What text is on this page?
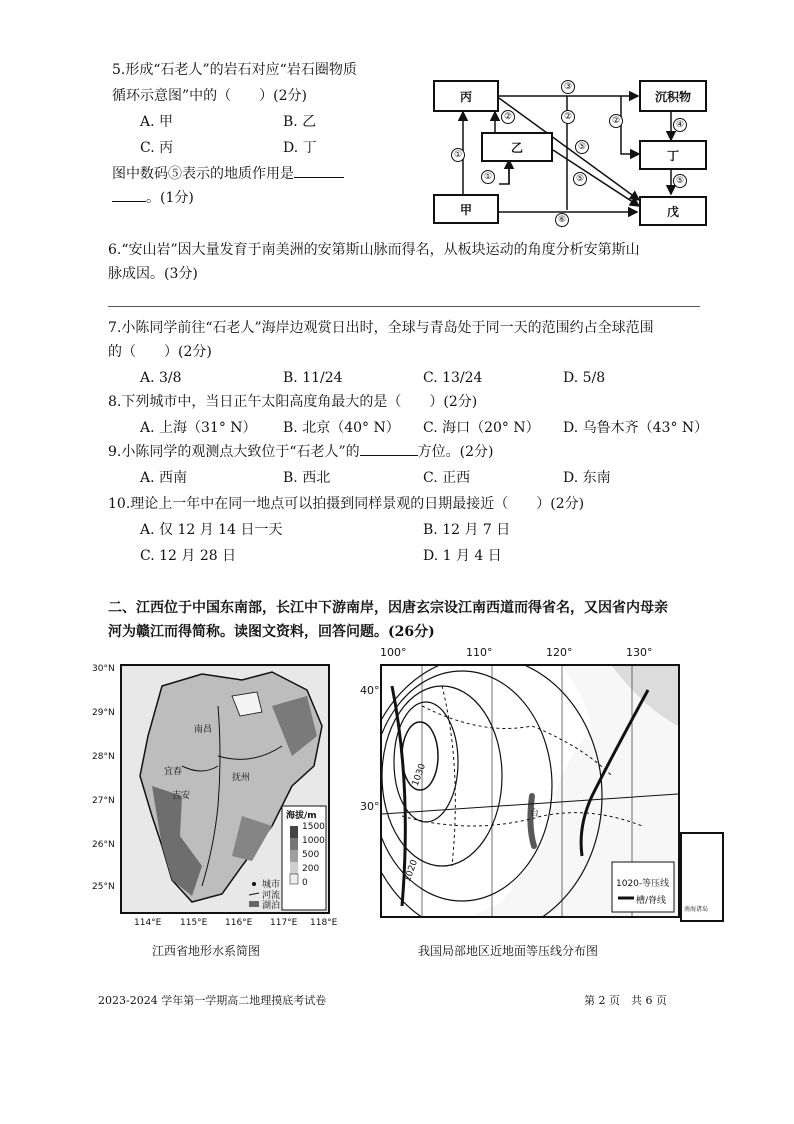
5.形成“石老人”的岩石对应“岩石圈物质
循环示意图”中的（　　）(2分)
A. 甲	B. 乙
C. 丙	D. 丁
图中数码⑤表示的地质作用是
。(1分)
丙
乙
甲
沉积物
丁
戊
③
②	②
①
①
⑤
⑤
②	④
⑤
⑥
6.“安山岩”因大量发育于南美洲的安第斯山脉而得名，从板块运动的角度分析安第斯山
脉成因。(3分)
7.小陈同学前往“石老人”海岸边观赏日出时，全球与青岛处于同一天的范围约占全球范围
的（　　）(2分)
A. 3/8	B. 11/24	C. 13/24	D. 5/8
8.下列城市中，当日正午太阳高度角最大的是（　　）(2分)
A. 上海（31° N） B. 北京（40° N） C. 海口（20° N） D. 乌鲁木齐（43° N）
9.小陈同学的观测点大致位于“石老人”的	方位。(2分)
A. 西南	B. 西北	C. 正西	D. 东南
10.理论上一年中在同一地点可以拍摄到同样景观的日期最接近（　　）(2分)
A. 仅 12 月 14 日一天	B. 12 月 7 日
C. 12 月 28 日	D. 1 月 4 日
二、江西位于中国东南部，长江中下游南岸，因唐玄宗设江南西道而得省名，又因省内母亲
河为赣江而得简称。读图文资料，回答问题。(26分)
南昌
宜春
抚州
吉安
海拔/m
1500
1000
500
200
0
城市
河流
湖泊
30°N
29°N
28°N
27°N
26°N
25°N
114°E 115°E 116°E 117°E 118°E
江西省地形水系简图
1030
1020
台
1020-等压线
槽/脊线
南海诸岛
100°	110°	120°	130°
40°
30°
我国局部地区近地面等压线分布图
2023-2024 学年第一学期高二地理摸底考试卷	第 2 页　共 6 页
